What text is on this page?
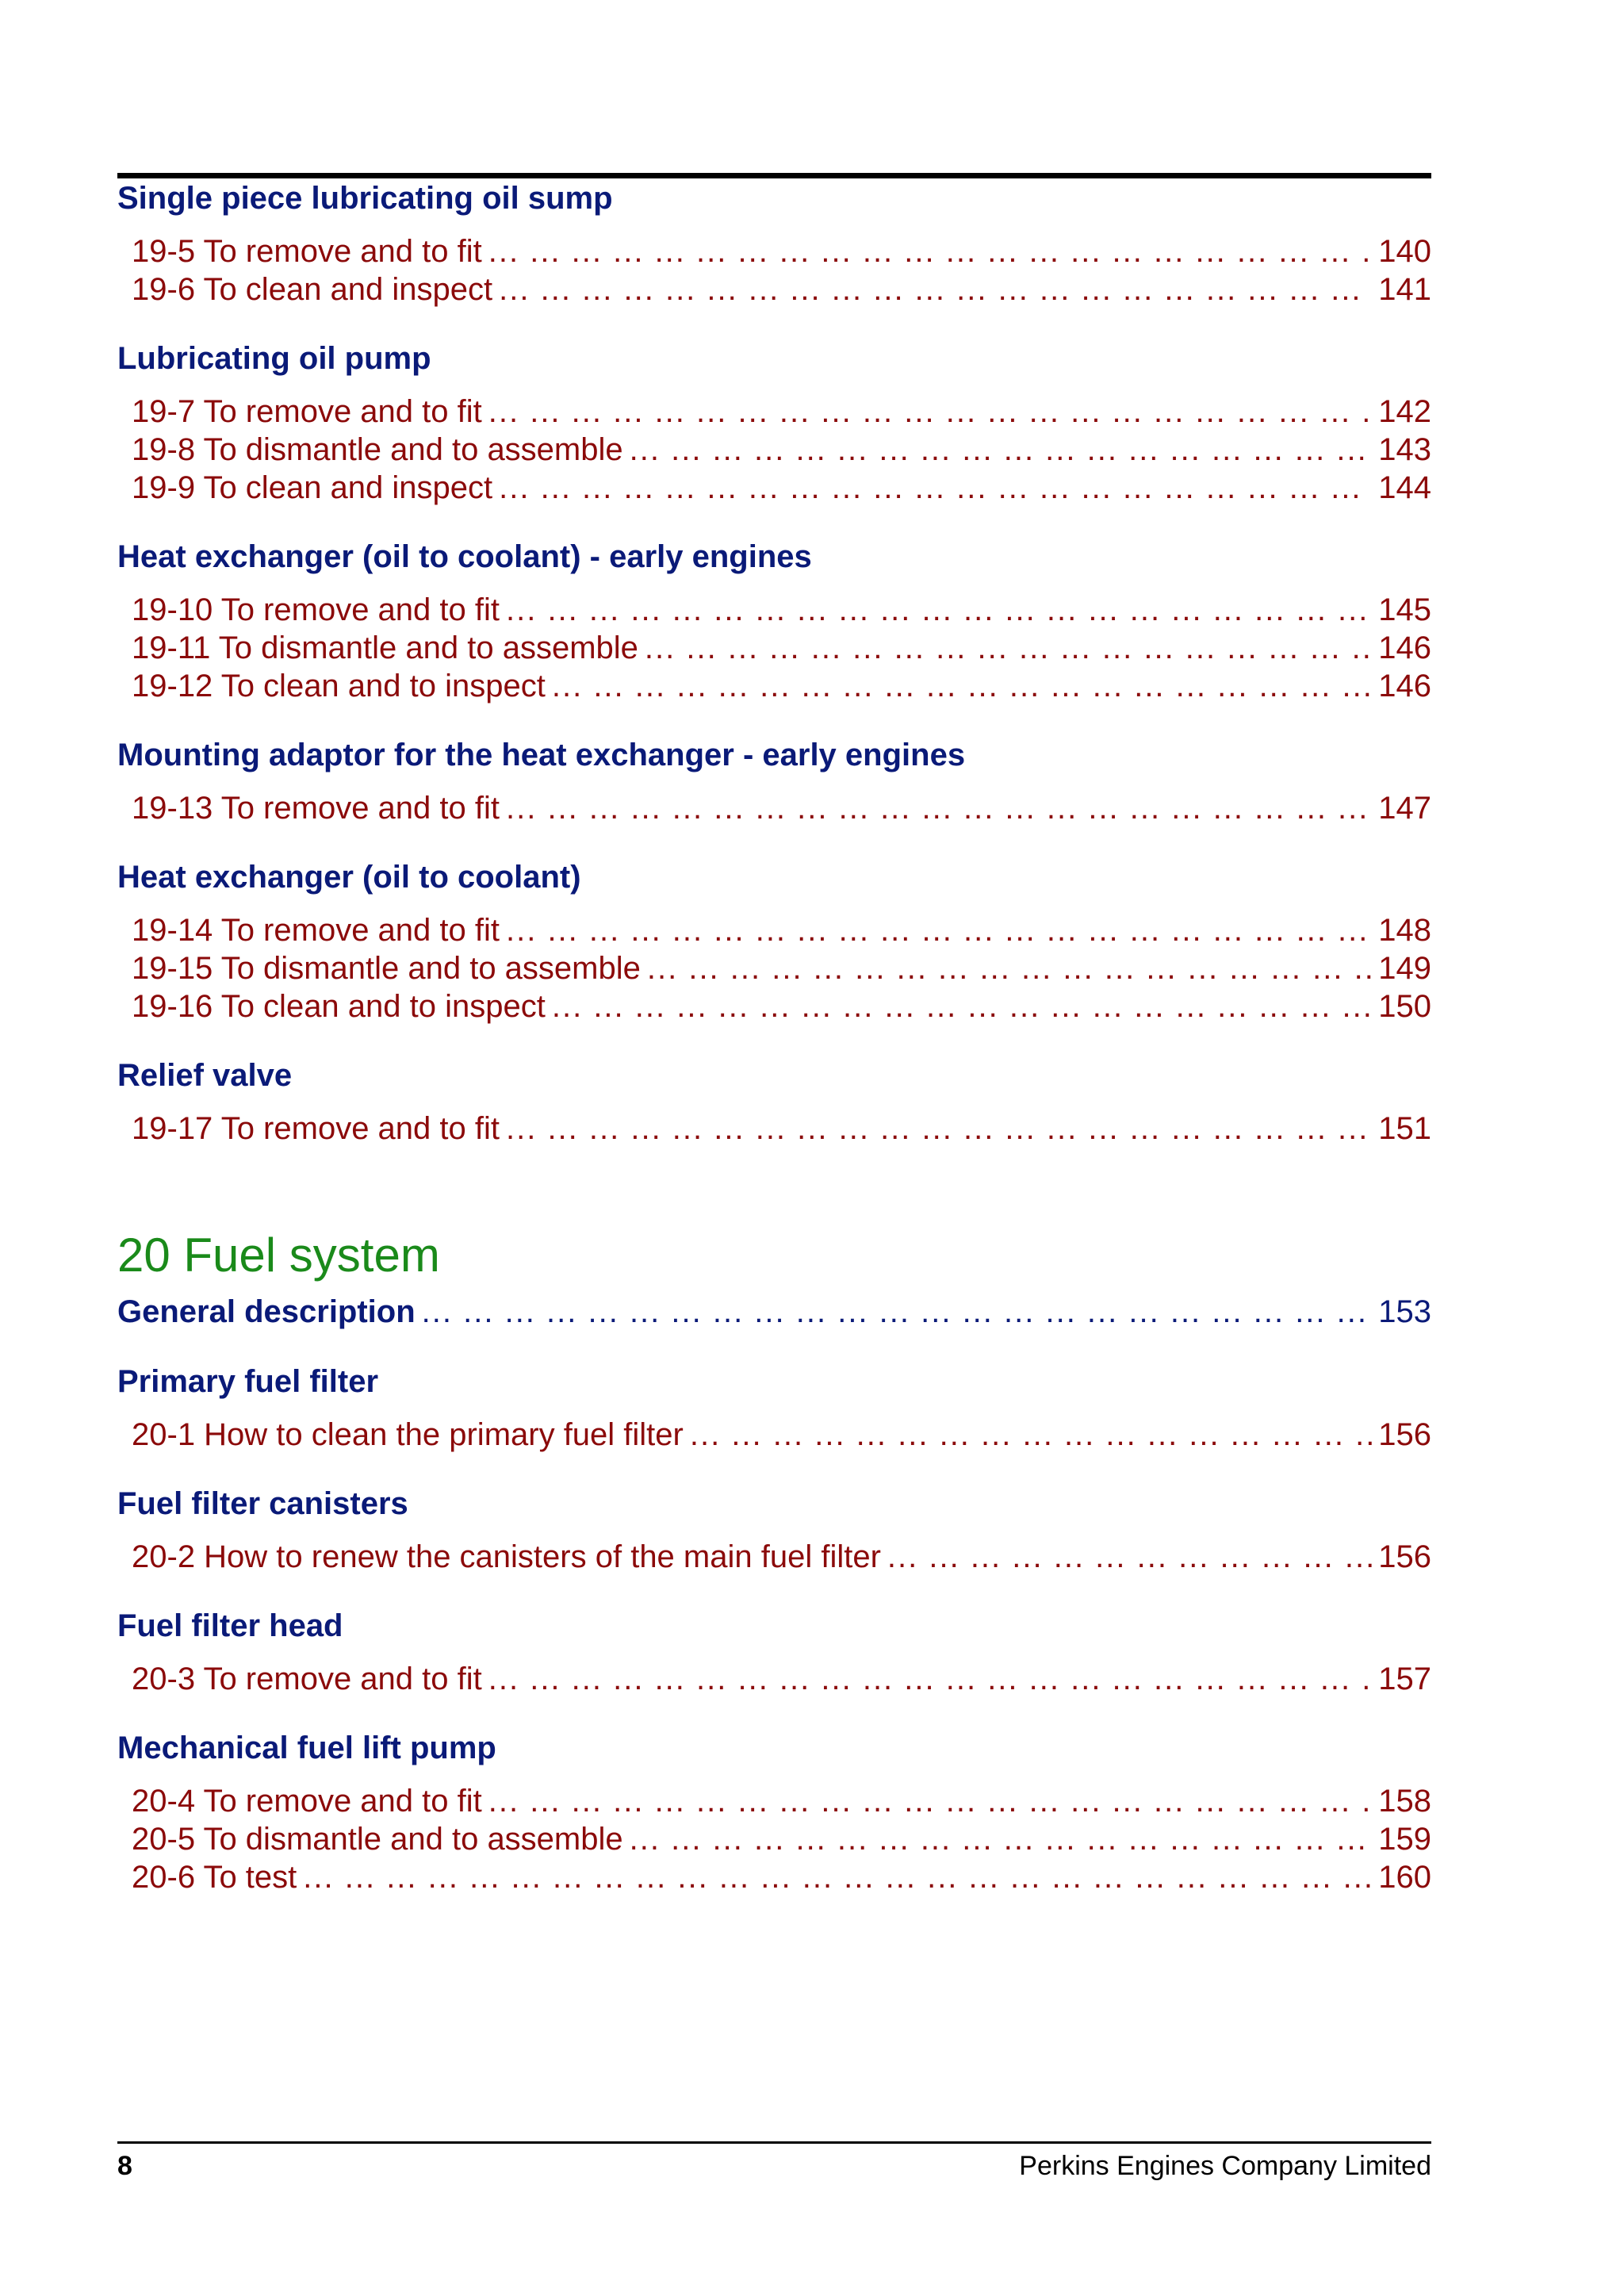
Single piece lubricating oil sump
19-5 To remove and to fit ... .	140
19-6 To clean and inspect ... .	141
Lubricating oil pump
19-7 To remove and to fit ... .	142
19-8 To dismantle and to assemble ... .	143
19-9 To clean and inspect ... .	144
Heat exchanger (oil to coolant) - early engines
19-10 To remove and to fit ... .	145
19-11 To dismantle and to assemble ... .	146
19-12 To clean and to inspect ... .	146
Mounting adaptor for the heat exchanger - early engines
19-13 To remove and to fit ... .	147
Heat exchanger (oil to coolant)
19-14 To remove and to fit ... .	148
19-15 To dismantle and to assemble ... .	149
19-16 To clean and to inspect ... .	150
Relief valve
19-17 To remove and to fit ... .	151
20 Fuel system
General description ... .	153
Primary fuel filter
20-1 How to clean the primary fuel filter ... .	156
Fuel filter canisters
20-2 How to renew the canisters of the main fuel filter ... .	156
Fuel filter head
20-3 To remove and to fit ... .	157
Mechanical fuel lift pump
20-4 To remove and to fit ... .	158
20-5 To dismantle and to assemble ... .	159
20-6 To test ... .	160
8	Perkins Engines Company Limited
